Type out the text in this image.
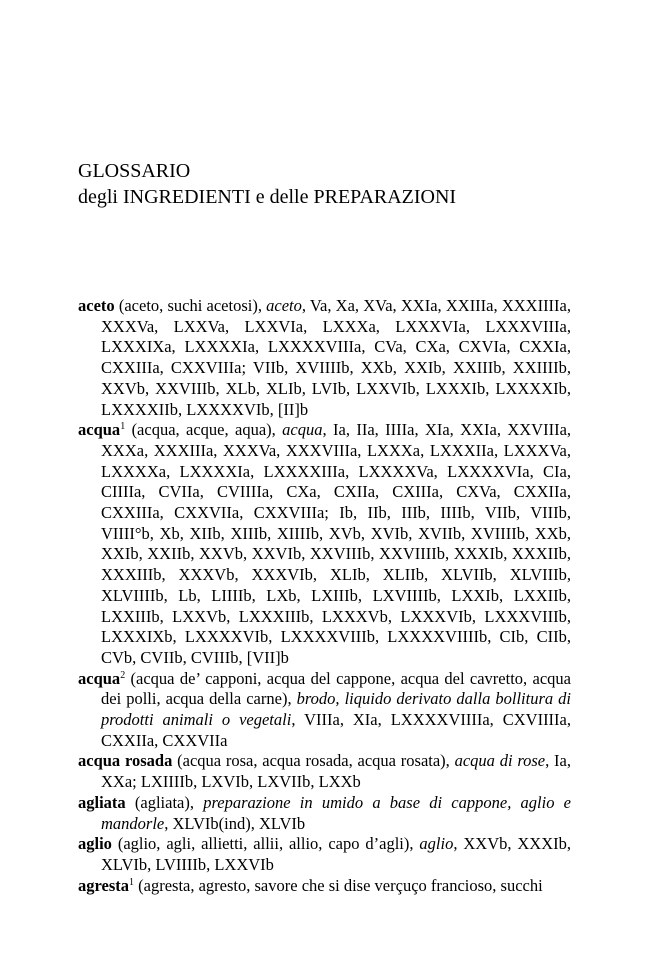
GLOSSARIO
degli INGREDIENTI e delle PREPARAZIONI
aceto (aceto, suchi acetosi), aceto, Va, Xa, XVa, XXIa, XXIIIa, XXXIIIIa, XXXVa, LXXVa, LXXVIa, LXXXa, LXXXVIa, LXXXVIIIa, LXXXIXa, LXXXXIa, LXXXXVIIIa, CVa, CXa, CXVIa, CXXIa, CXXIIIa, CXXVIIIa; VIIb, XVIIIIb, XXb, XXIb, XXIIIb, XXIIIIb, XXVb, XXVIIIb, XLb, XLIb, LVIb, LXXVIb, LXXXIb, LXXXXIb, LXXXXIIb, LXXXXVIb, [II]b
acqua$^1$ (acqua, acque, aqua), acqua, Ia, IIa, IIIIa, XIa, XXIa, XXVIIIa, XXXa, XXXIIIa, XXXVa, XXXVIIIa, LXXXa, LXXXIIa, LXXXVa, LXXXXa, LXXXXIa, LXXXXIIIa, LXXXXVa, LXXXXVIa, CIa, CIIIIa, CVIIa, CVIIIIa, CXa, CXIIa, CXIIIa, CXVa, CXXIIa, CXXIIIa, CXXVIIa, CXXVIIIa; Ib, IIb, IIIb, IIIIb, VIIb, VIIIb, VIIII°b, Xb, XIIb, XIIIb, XIIIIb, XVb, XVIb, XVIIb, XVIIIIb, XXb, XXIb, XXIIb, XXVb, XXVIb, XXVIIIb, XXVIIIIb, XXXIb, XXXIIb, XXXIIIb, XXXVb, XXXVIb, XLIb, XLIIb, XLVIIb, XLVIIIb, XLVIIIIb, Lb, LIIIIb, LXb, LXIIIb, LXVIIIIb, LXXIb, LXXIIb, LXXIIIb, LXXVb, LXXXIIIb, LXXXVb, LXXXVIb, LXXXVIIIb, LXXXIXb, LXXXXVIb, LXXXXVIIIb, LXXXXVIIIIb, CIb, CIIb, CVb, CVIIb, CVIIIb, [VII]b
acqua$^2$ (acqua de’ capponi, acqua del cappone, acqua del cavretto, acqua dei polli, acqua della carne), brodo, liquido derivato dalla bollitura di prodotti animali o vegetali, VIIIa, XIa, LXXXXVIIIIa, CXVIIIIa, CXXIIa, CXXVIIa
acqua rosada (acqua rosa, acqua rosada, acqua rosata), acqua di rose, Ia, XXa; LXIIIIb, LXVIb, LXVIIb, LXXb
agliata (agliata), preparazione in umido a base di cappone, aglio e mandorle, XLVIb(ind), XLVIb
aglio (aglio, agli, allietti, allii, allio, capo d’agli), aglio, XXVb, XXXIb, XLVIb, LVIIIIb, LXXVIb
agresta$^1$ (agresta, agresto, savore che si dise verçuço francioso, succhi
